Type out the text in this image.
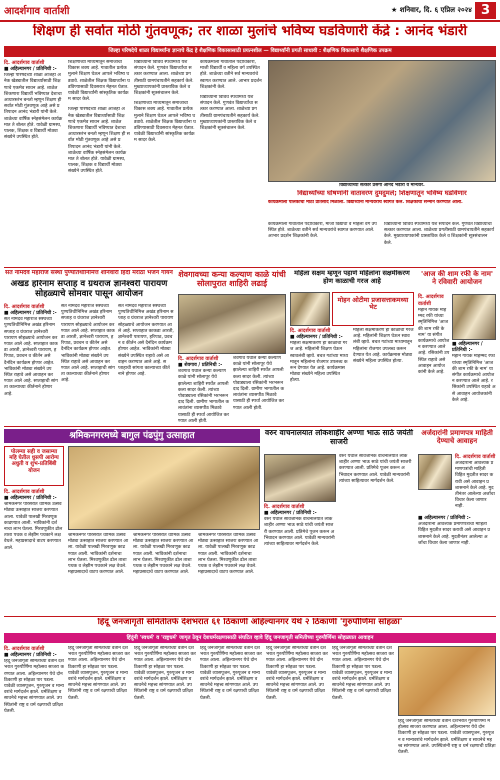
आदर्शगाव वार्ताशी	★ शनिवार, दि. ६ एप्रिल २०२४ 3
शिक्षण ही सर्वात मोठी गुंतवणूक; तर शाळा मुलांचे भविष्य घडविणारी केंद्रे : आनंद भंडारी
जिल्हा परिषदेचे शाळा विद्यार्थ्यांना ज्ञानाचे केंद्र हे शैक्षणिक विकासासाठी प्रयत्नशील — विद्यार्थ्यांनी प्रगती साधावी : शैक्षणिक विकासाचे शैक्षणिक उपक्रम
दि. आदर्शगाव वार्ताशी
■ अहिल्यानगर / प्रतिनिधी :-

जिल्हा परिषदेच्या शाळा आजही अनेक खेड्यातील विद्यार्थ्यांसाठी शिक्षणाचे एकमेव साधन आहे. शाळेत शिकणारा विद्यार्थी भविष्यात देशाचा आधारस्तंभ बनतो म्हणून शिक्षण ही सर्वात मोठी गुंतवणूक आहे असे प्रतिपादन आनंद भंडारी यांनी केले. शाळेच्या वार्षिक स्नेहसंमेलन कार्यक्रमात ते बोलत होते. यावेळी ग्रामस्थ, पालक, शिक्षक व विद्यार्थी मोठ्या संख्येने उपस्थित होते.

शिक्षणाच्या माध्यमातून समाजाचा विकास शक्य आहे. गावातील प्रत्येक मुलाने शिक्षण घेऊन आपले भविष्य घडवावे. शाळेतील शिक्षक विद्यार्थ्यांना घडविण्यासाठी दिवसरात्र मेहनत घेतात. यावेळी विद्यार्थ्यांनी सांस्कृतिक कार्यक्रम सादर केले.

जिल्हा परिषदेच्या शाळा आजही अनेक खेड्यातील विद्यार्थ्यांसाठी शिक्षणाचे एकमेव साधन आहे. शाळेत शिकणारा विद्यार्थी भविष्यात देशाचा आधारस्तंभ बनतो म्हणून शिक्षण ही सर्वात मोठी गुंतवणूक आहे असे प्रतिपादन आनंद भंडारी यांनी केले. शाळेच्या वार्षिक स्नेहसंमेलन कार्यक्रमात ते बोलत होते. यावेळी ग्रामस्थ, पालक, शिक्षक व विद्यार्थी मोठ्या संख्येने उपस्थित होते.

विद्यार्थ्यांनी विविध स्पर्धांमध्ये यश संपादन केले. गुणवंत विद्यार्थ्यांचा सत्कार करण्यात आला. शाळेच्या प्रगतीसाठी ग्रामपंचायतीने सहकार्य केले. मुख्याध्यापकांनी प्रास्ताविक केले व शिक्षकांनी सूत्रसंचालन केले.

शिक्षणाच्या माध्यमातून समाजाचा विकास शक्य आहे. गावातील प्रत्येक मुलाने शिक्षण घेऊन आपले भविष्य घडवावे. शाळेतील शिक्षक विद्यार्थ्यांना घडविण्यासाठी दिवसरात्र मेहनत घेतात. यावेळी विद्यार्थ्यांनी सांस्कृतिक कार्यक्रम सादर केले.

कार्यक्रमाला गावातील पदाधिकारी, माजी विद्यार्थी व महिला वर्ग उपस्थित होते. शाळेच्या वतीने सर्व मान्यवरांचे स्वागत करण्यात आले. आभार प्रदर्शन शिक्षकांनी केले.

विद्यार्थ्यांनी विविध स्पर्धांमध्ये यश संपादन केले. गुणवंत विद्यार्थ्यांचा सत्कार करण्यात आला. शाळेच्या प्रगतीसाठी ग्रामपंचायतीने सहकार्य केले. मुख्याध्यापकांनी प्रास्ताविक केले व शिक्षकांनी सूत्रसंचालन केले.

विद्यार्थ्यांच्या सत्कार प्रसंगी आनंद भंडारी व मान्यवर.
विद्यार्थ्यांच्या घोषणांनी वातावरण दुमदुमले; शिक्षणातून भविष्य घडविणार
कार्यक्रमाला पालकांचा मोठा प्रतिसाद मिळाला. विद्यार्थ्यांनी मान्यवरांचे स्वागत केले. शिक्षकांचा सन्मान करण्यात आला.

कार्यक्रमाला गावातील पदाधिकारी, माजी विद्यार्थी व महिला वर्ग उपस्थित होते. शाळेच्या वतीने सर्व मान्यवरांचे स्वागत करण्यात आले. आभार प्रदर्शन शिक्षकांनी केले.

विद्यार्थ्यांनी विविध स्पर्धांमध्ये यश संपादन केले. गुणवंत विद्यार्थ्यांचा सत्कार करण्यात आला. शाळेच्या प्रगतीसाठी ग्रामपंचायतीने सहकार्य केले. मुख्याध्यापकांनी प्रास्ताविक केले व शिक्षकांनी सूत्रसंचालन केले.

संत नामदेव महाराज संस्था पुण्यतिथीनिमित्त शनिवारी हिंदी मराठी भजन गायन
अखंड हरिनाम सप्ताह व ग्रंथराज ज्ञानेश्वरी पारायण सोहळ्याचे सोमवार पासून आयोजन
दि. आदर्शगाव वार्ताशी
■ अहिल्यानगर / प्रतिनिधी :-

संत नामदेव महाराज संस्थेच्या पुण्यतिथीनिमित्त अखंड हरिनाम सप्ताह व ग्रंथराज ज्ञानेश्वरी पारायण सोहळ्याचे आयोजन करण्यात आले आहे. सप्ताहात काकडा आरती, ज्ञानेश्वरी पारायण, हरिपाठ, प्रवचन व कीर्तन असे दैनंदिन कार्यक्रम होणार आहेत. भाविकांनी मोठ्या संख्येने उपस्थित राहावे असे आवाहन करण्यात आले आहे. सप्ताहाची सांगता काल्याच्या कीर्तनाने होणार आहे.

संत नामदेव महाराज संस्थेच्या पुण्यतिथीनिमित्त अखंड हरिनाम सप्ताह व ग्रंथराज ज्ञानेश्वरी पारायण सोहळ्याचे आयोजन करण्यात आले आहे. सप्ताहात काकडा आरती, ज्ञानेश्वरी पारायण, हरिपाठ, प्रवचन व कीर्तन असे दैनंदिन कार्यक्रम होणार आहेत. भाविकांनी मोठ्या संख्येने उपस्थित राहावे असे आवाहन करण्यात आले आहे. सप्ताहाची सांगता काल्याच्या कीर्तनाने होणार आहे.

संत नामदेव महाराज संस्थेच्या पुण्यतिथीनिमित्त अखंड हरिनाम सप्ताह व ग्रंथराज ज्ञानेश्वरी पारायण सोहळ्याचे आयोजन करण्यात आले आहे. सप्ताहात काकडा आरती, ज्ञानेश्वरी पारायण, हरिपाठ, प्रवचन व कीर्तन असे दैनंदिन कार्यक्रम होणार आहेत. भाविकांनी मोठ्या संख्येने उपस्थित राहावे असे आवाहन करण्यात आले आहे. सप्ताहाची सांगता काल्याच्या कीर्तनाने होणार आहे.

शेवगावच्या कन्या कल्याण काळे यांची सोलापुरात शाहिरी लढाई
दि. आदर्शगाव वार्ताशी
■ शेवगाव / प्रतिनिधी :-

शेवगाव येथील कन्या कल्याण काळे यांनी सोलापूर येथे झालेल्या शाहिरी स्पर्धेत आपली कला सादर केली. त्यांच्या पोवाड्याला रसिकांनी भरभरून दाद दिली. ग्रामीण भागातील कलावंतांना व्यासपीठ मिळावे यासाठी ही स्पर्धा आयोजित करण्यात आली होती.

शेवगाव येथील कन्या कल्याण काळे यांनी सोलापूर येथे झालेल्या शाहिरी स्पर्धेत आपली कला सादर केली. त्यांच्या पोवाड्याला रसिकांनी भरभरून दाद दिली. ग्रामीण भागातील कलावंतांना व्यासपीठ मिळावे यासाठी ही स्पर्धा आयोजित करण्यात आली होती.

महिला सक्षम म्हणून पहाणे महिलांना सक्षमीकरण होण काळाची गरज आहे
मोहन ओटीमा प्रजासत्ताकमध्या भेट
दि. आदर्शगाव वार्ताशी
■ अहिल्यानगर / प्रतिनिधी :-

महिला सक्षमीकरण ही काळाची गरज आहे. महिलांनी शिक्षण घेऊन स्वावलंबी व्हावे. बचत गटांच्या माध्यमातून महिलांना रोजगार उपलब्ध करून देण्यात येत आहे. कार्यक्रमास मोठ्या संख्येने महिला उपस्थित होत्या.

महिला सक्षमीकरण ही काळाची गरज आहे. महिलांनी शिक्षण घेऊन स्वावलंबी व्हावे. बचत गटांच्या माध्यमातून महिलांना रोजगार उपलब्ध करून देण्यात येत आहे. कार्यक्रमास मोठ्या संख्येने महिला उपस्थित होत्या.

'आज की शाम रफी के नाम' ने रविवारी आयोजन
दि. आदर्शगाव वार्ताशी

महान गायक मोहम्मद रफी यांच्या स्मृतिनिमित्त 'आज की शाम रफी के नाम' या संगीत कार्यक्रमाचे आयोजन करण्यात आले आहे. रसिकांनी उपस्थित राहावे असे आवाहन आयोजकांनी केले आहे.

■ अहिल्यानगर / प्रतिनिधी :-

महान गायक मोहम्मद रफी यांच्या स्मृतिनिमित्त 'आज की शाम रफी के नाम' या संगीत कार्यक्रमाचे आयोजन करण्यात आले आहे. रसिकांनी उपस्थित राहावे असे आवाहन आयोजकांनी केले आहे.

श्रमिकनगरमध्ये बागुल पंढपुंगु उत्साहात
पोलम्या सही व जसाम्या महि घेतील धुसपी आरोग्य अधुती व शुभ-प्रतिबिंबी योजन
दि. आदर्शगाव वार्ताशी
■ अहिल्यानगर / प्रतिनिधी :-

श्रमिकनगर परिसरात धार्मिक उत्सव मोठ्या उत्साहात साजरा करण्यात आला. यावेळी पालखी मिरवणूक काढण्यात आली. भाविकांनी दर्शनाचा लाभ घेतला. मिरवणुकीत ढोल ताशा पथक व लेझीम पथकाने लक्ष वेधले. महाप्रसादाचे वाटप करण्यात आले.

श्रमिकनगर परिसरात धार्मिक उत्सव मोठ्या उत्साहात साजरा करण्यात आला. यावेळी पालखी मिरवणूक काढण्यात आली. भाविकांनी दर्शनाचा लाभ घेतला. मिरवणुकीत ढोल ताशा पथक व लेझीम पथकाने लक्ष वेधले. महाप्रसादाचे वाटप करण्यात आले.

श्रमिकनगर परिसरात धार्मिक उत्सव मोठ्या उत्साहात साजरा करण्यात आला. यावेळी पालखी मिरवणूक काढण्यात आली. भाविकांनी दर्शनाचा लाभ घेतला. मिरवणुकीत ढोल ताशा पथक व लेझीम पथकाने लक्ष वेधले. महाप्रसादाचे वाटप करण्यात आले.

श्रमिकनगर परिसरात धार्मिक उत्सव मोठ्या उत्साहात साजरा करण्यात आला. यावेळी पालखी मिरवणूक काढण्यात आली. भाविकांनी दर्शनाचा लाभ घेतला. मिरवणुकीत ढोल ताशा पथक व लेझीम पथकाने लक्ष वेधले. महाप्रसादाचे वाटप करण्यात आले.

वरुर वाचनालयात लोकशाहीर अण्णा भाऊ साठे जयंती साजरी

वरुर येथील सार्वजनिक वाचनालयात लोकशाहीर अण्णा भाऊ साठे यांची जयंती साजरी करण्यात आली. प्रतिमेचे पूजन करून अभिवादन करण्यात आले. यावेळी मान्यवरांनी त्यांच्या साहित्यावर मार्गदर्शन केले.

दि. आदर्शगाव वार्ताशी
■ अहिल्यानगर / प्रतिनिधी :-

वरुर येथील सार्वजनिक वाचनालयात लोकशाहीर अण्णा भाऊ साठे यांची जयंती साजरी करण्यात आली. प्रतिमेचे पूजन करून अभिवादन करण्यात आले. यावेळी मान्यवरांनी त्यांच्या साहित्यावर मार्गदर्शन केले.

अर्जदारांनी प्रमाणपत्र माहिती देण्याचे आवाहन
दि. आदर्शगाव वार्ताशी

अर्जदारांनी आवश्यक प्रमाणपत्रांची माहिती विहित मुदतीत सादर करावी असे आवाहन प्रशासनाने केले आहे. मुदतीनंतर आलेल्या अर्जांचा विचार केला जाणार नाही.

■ अहिल्यानगर / प्रतिनिधी :-

अर्जदारांनी आवश्यक प्रमाणपत्रांची माहिती विहित मुदतीत सादर करावी असे आवाहन प्रशासनाने केले आहे. मुदतीनंतर आलेल्या अर्जांचा विचार केला जाणार नाही.

हिंदू जनजागृती समितीतर्फे देशभरात ६१ ठिकाणी अहिल्यानगर येथे २ ठिकाणी 'गुरुपौर्णिमा सोहळा'
हिंदुंनी 'स्वधर्म' व 'राष्ट्रधर्म' जागृत ठेवून देशधर्मरक्षणासाठी संघटित व्हावे हिंदू जनजागृती समितीच्या गुरुपौर्णिमा सोहळ्यात आवाहन
दि. आदर्शगाव वार्ताशी
■ अहिल्यानगर / प्रतिनिधी :-

हिंदू जनजागृती समितीच्या वतीने देशभरात गुरुपौर्णिमा महोत्सव साजरा करण्यात आला. अहिल्यानगर येथे दोन ठिकाणी हा सोहळा पार पडला. यावेळी व्यासपूजन, गुरुपूजन व मान्यवरांचे मार्गदर्शन झाले. धर्मशिक्षण व साधनेचे महत्त्व सांगण्यात आले. उपस्थितांनी राष्ट्र व धर्म रक्षणाची प्रतिज्ञा घेतली.

हिंदू जनजागृती समितीच्या वतीने देशभरात गुरुपौर्णिमा महोत्सव साजरा करण्यात आला. अहिल्यानगर येथे दोन ठिकाणी हा सोहळा पार पडला. यावेळी व्यासपूजन, गुरुपूजन व मान्यवरांचे मार्गदर्शन झाले. धर्मशिक्षण व साधनेचे महत्त्व सांगण्यात आले. उपस्थितांनी राष्ट्र व धर्म रक्षणाची प्रतिज्ञा घेतली.

हिंदू जनजागृती समितीच्या वतीने देशभरात गुरुपौर्णिमा महोत्सव साजरा करण्यात आला. अहिल्यानगर येथे दोन ठिकाणी हा सोहळा पार पडला. यावेळी व्यासपूजन, गुरुपूजन व मान्यवरांचे मार्गदर्शन झाले. धर्मशिक्षण व साधनेचे महत्त्व सांगण्यात आले. उपस्थितांनी राष्ट्र व धर्म रक्षणाची प्रतिज्ञा घेतली.

हिंदू जनजागृती समितीच्या वतीने देशभरात गुरुपौर्णिमा महोत्सव साजरा करण्यात आला. अहिल्यानगर येथे दोन ठिकाणी हा सोहळा पार पडला. यावेळी व्यासपूजन, गुरुपूजन व मान्यवरांचे मार्गदर्शन झाले. धर्मशिक्षण व साधनेचे महत्त्व सांगण्यात आले. उपस्थितांनी राष्ट्र व धर्म रक्षणाची प्रतिज्ञा घेतली.

हिंदू जनजागृती समितीच्या वतीने देशभरात गुरुपौर्णिमा महोत्सव साजरा करण्यात आला. अहिल्यानगर येथे दोन ठिकाणी हा सोहळा पार पडला. यावेळी व्यासपूजन, गुरुपूजन व मान्यवरांचे मार्गदर्शन झाले. धर्मशिक्षण व साधनेचे महत्त्व सांगण्यात आले. उपस्थितांनी राष्ट्र व धर्म रक्षणाची प्रतिज्ञा घेतली.

हिंदू जनजागृती समितीच्या वतीने देशभरात गुरुपौर्णिमा महोत्सव साजरा करण्यात आला. अहिल्यानगर येथे दोन ठिकाणी हा सोहळा पार पडला. यावेळी व्यासपूजन, गुरुपूजन व मान्यवरांचे मार्गदर्शन झाले. धर्मशिक्षण व साधनेचे महत्त्व सांगण्यात आले. उपस्थितांनी राष्ट्र व धर्म रक्षणाची प्रतिज्ञा घेतली.

हिंदू जनजागृती समितीच्या वतीने देशभरात गुरुपौर्णिमा महोत्सव साजरा करण्यात आला. अहिल्यानगर येथे दोन ठिकाणी हा सोहळा पार पडला. यावेळी व्यासपूजन, गुरुपूजन व मान्यवरांचे मार्गदर्शन झाले. धर्मशिक्षण व साधनेचे महत्त्व सांगण्यात आले. उपस्थितांनी राष्ट्र व धर्म रक्षणाची प्रतिज्ञा घेतली.
